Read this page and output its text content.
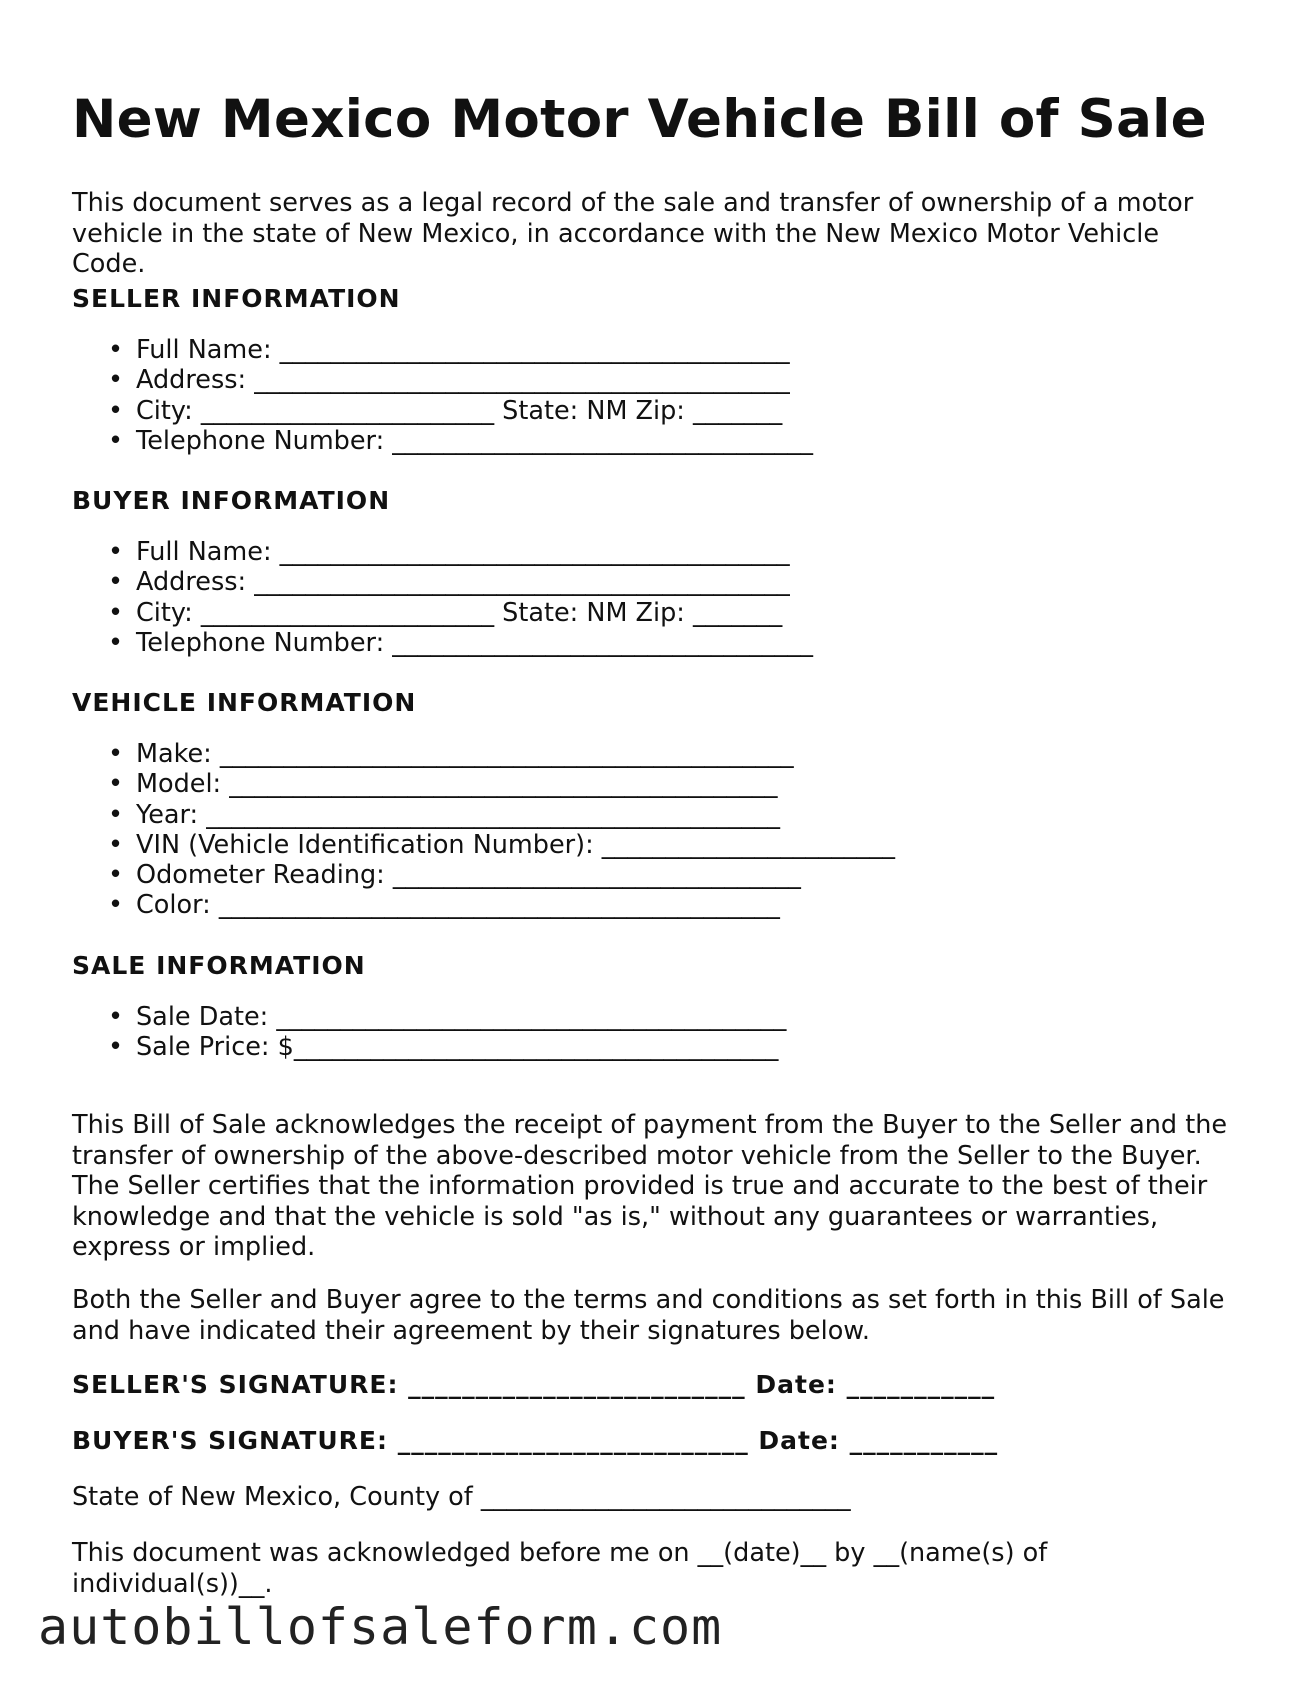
New Mexico Motor Vehicle Bill of Sale

This document serves as a legal record of the sale and transfer of ownership of a motor vehicle in the state of New Mexico, in accordance with the New Mexico Motor Vehicle Code.

SELLER INFORMATION
• Full Name: ________________________________________
• Address: __________________________________________
• City: _______________________ State: NM Zip: _______
• Telephone Number: _________________________________
BUYER INFORMATION
• Full Name: ________________________________________
• Address: __________________________________________
• City: _______________________ State: NM Zip: _______
• Telephone Number: _________________________________
VEHICLE INFORMATION
• Make: _____________________________________________
• Model: ___________________________________________
• Year: _____________________________________________
• VIN (Vehicle Identification Number): _______________________
• Odometer Reading: ________________________________
• Color: ____________________________________________
SALE INFORMATION
• Sale Date: ________________________________________
• Sale Price: $______________________________________

This Bill of Sale acknowledges the receipt of payment from the Buyer to the Seller and the transfer of ownership of the above-described motor vehicle from the Seller to the Buyer. The Seller certifies that the information provided is true and accurate to the best of their knowledge and that the vehicle is sold "as is," without any guarantees or warranties, express or implied.

Both the Seller and Buyer agree to the terms and conditions as set forth in this Bill of Sale and have indicated their agreement by their signatures below.

SELLER'S SIGNATURE: _________________________ Date: ___________
BUYER'S SIGNATURE: __________________________ Date: ___________

State of New Mexico, County of _____________________________

This document was acknowledged before me on __(date)__ by __(name(s) of individual(s))__.

autobillofsaleform.com
